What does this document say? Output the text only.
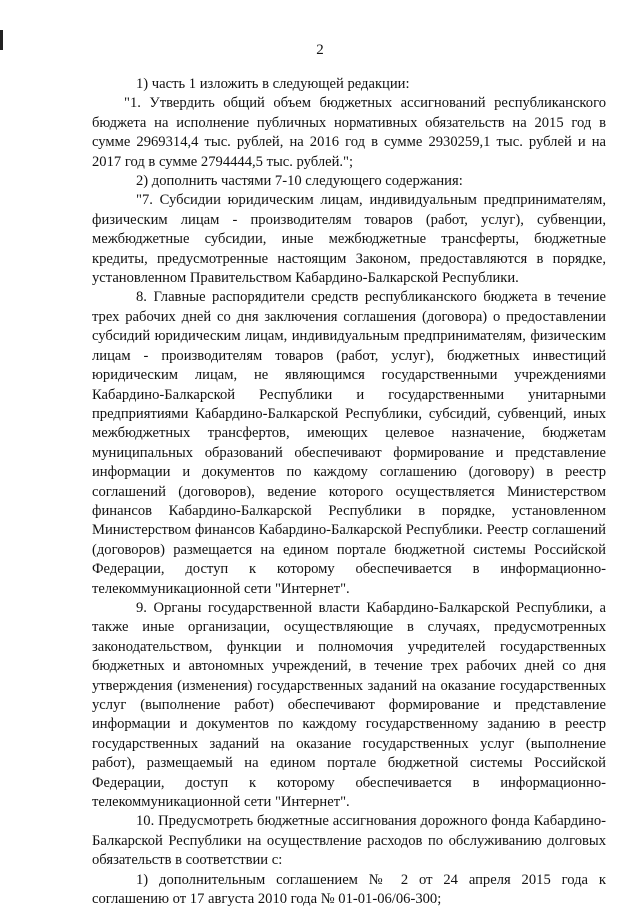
2

1) часть 1 изложить в следующей редакции:

"1. Утвердить общий объем бюджетных ассигнований республиканского бюджета на исполнение публичных нормативных обязательств на 2015 год в сумме 2969314,4 тыс. рублей, на 2016 год в сумме 2930259,1 тыс. рублей и на 2017 год в сумме 2794444,5 тыс. рублей.";

2) дополнить частями 7-10 следующего содержания:

"7. Субсидии юридическим лицам, индивидуальным предпринимателям, физическим лицам - производителям товаров (работ, услуг), субвенции, межбюджетные субсидии, иные межбюджетные трансферты, бюджетные кредиты, предусмотренные настоящим Законом, предоставляются в порядке, установленном Правительством Кабардино-Балкарской Республики.

8. Главные распорядители средств республиканского бюджета в течение трех рабочих дней со дня заключения соглашения (договора) о предоставлении субсидий юридическим лицам, индивидуальным предпринимателям, физическим лицам - производителям товаров (работ, услуг), бюджетных инвестиций юридическим лицам, не являющимся государственными учреждениями Кабардино-Балкарской Республики и государственными унитарными предприятиями Кабардино-Балкарской Республики, субсидий, субвенций, иных межбюджетных трансфертов, имеющих целевое назначение, бюджетам муниципальных образований обеспечивают формирование и представление информации и документов по каждому соглашению (договору) в реестр соглашений (договоров), ведение которого осуществляется Министерством финансов Кабардино-Балкарской Республики в порядке, установленном Министерством финансов Кабардино-Балкарской Республики. Реестр соглашений (договоров) размещается на едином портале бюджетной системы Российской Федерации, доступ к которому обеспечивается в информационно-телекоммуникационной сети "Интернет".

9. Органы государственной власти Кабардино-Балкарской Республики, а также иные организации, осуществляющие в случаях, предусмотренных законодательством, функции и полномочия учредителей государственных бюджетных и автономных учреждений, в течение трех рабочих дней со дня утверждения (изменения) государственных заданий на оказание государственных услуг (выполнение работ) обеспечивают формирование и представление информации и документов по каждому государственному заданию в реестр государственных заданий на оказание государственных услуг (выполнение работ), размещаемый на едином портале бюджетной системы Российской Федерации, доступ к которому обеспечивается в информационно-телекоммуникационной сети "Интернет".

10. Предусмотреть бюджетные ассигнования дорожного фонда Кабардино-Балкарской Республики на осуществление расходов по обслуживанию долговых обязательств в соответствии с:

1) дополнительным соглашением № 2 от 24 апреля 2015 года к соглашению от 17 августа 2010 года № 01-01-06/06-300;
